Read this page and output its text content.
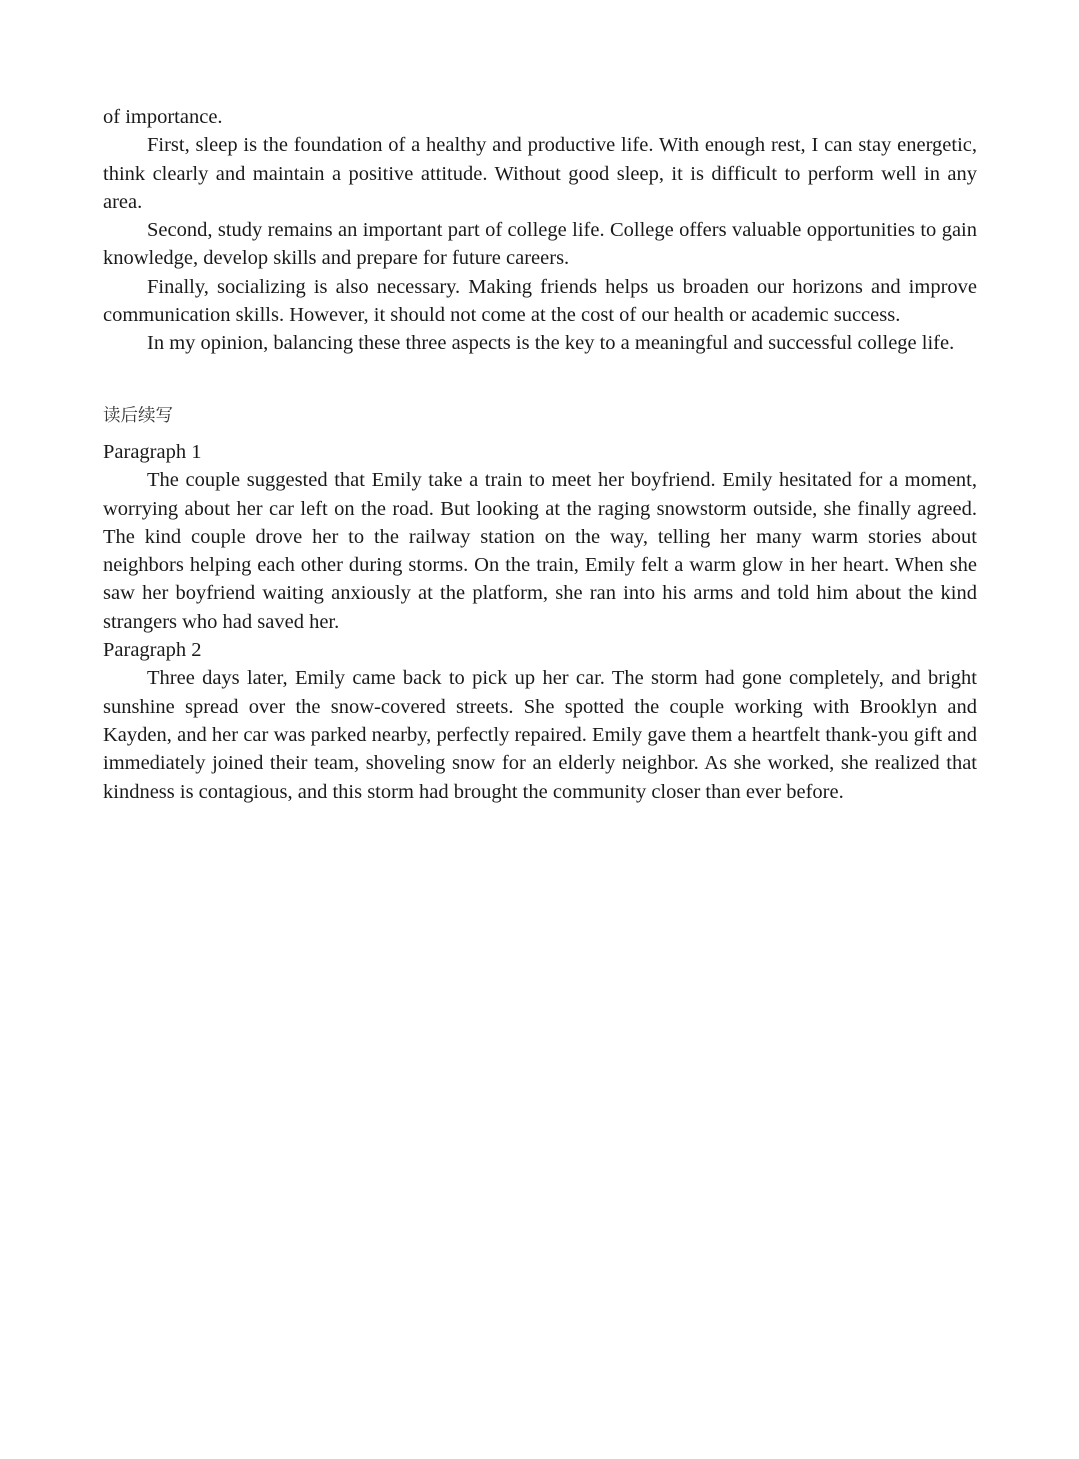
of importance.

First, sleep is the foundation of a healthy and productive life. With enough rest, I can stay energetic, think clearly and maintain a positive attitude. Without good sleep, it is difficult to perform well in any area.

Second, study remains an important part of college life. College offers valuable opportunities to gain knowledge, develop skills and prepare for future careers.

Finally, socializing is also necessary. Making friends helps us broaden our horizons and improve communication skills. However, it should not come at the cost of our health or academic success.

In my opinion, balancing these three aspects is the key to a meaningful and successful college life.

读后续写

Paragraph 1

The couple suggested that Emily take a train to meet her boyfriend. Emily hesitated for a moment, worrying about her car left on the road. But looking at the raging snowstorm outside, she finally agreed. The kind couple drove her to the railway station on the way, telling her many warm stories about neighbors helping each other during storms. On the train, Emily felt a warm glow in her heart. When she saw her boyfriend waiting anxiously at the platform, she ran into his arms and told him about the kind strangers who had saved her.

Paragraph 2

Three days later, Emily came back to pick up her car. The storm had gone completely, and bright sunshine spread over the snow-covered streets. She spotted the couple working with Brooklyn and Kayden, and her car was parked nearby, perfectly repaired. Emily gave them a heartfelt thank-you gift and immediately joined their team, shoveling snow for an elderly neighbor. As she worked, she realized that kindness is contagious, and this storm had brought the community closer than ever before.
